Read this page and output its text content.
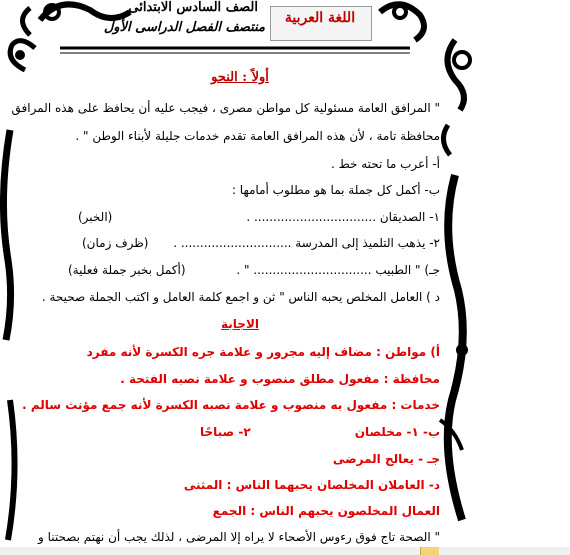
اللغة العربية
الصف السادس الابتدائى
منتصف الفصل الدراسى الأول
أولاً : النحو
" المرافق العامة مسئولية كل مواطن مصرى ، فيجب عليه أن يحافظ على هذه المرافق
محافظة تامة ، لأن هذه المرافق العامة تقدم خدمات جليلة لأبناء الوطن " .
أ- أعرب ما تحته خط .
ب- أكمل كل جملة بما هو مطلوب أمامها :
١- الصديقان ................................ .
(الخبر)
٢- يذهب التلميذ إلى المدرسة ............................. .
(ظرف زمان)
جـ) " الطبيب ............................... " .
(أكمل بخبر جملة فعلية)
د ) العامل المخلص يحبه الناس " ثن و اجمع كلمة العامل و اكتب الجملة صحيحة .
الاجابة
أ) مواطن : مضاف إليه مجرور و علامة جره الكسرة لأنه مفرد
محافظة : مفعول مطلق منصوب و علامة نصبه الفتحة .
خدمات : مفعول به منصوب و علامة نصبه الكسرة لأنه جمع مؤنث سالم .
ب- ١- مخلصان
٢- صباحًا
جـ - يعالج المرضى
د- العاملان المخلصان يحبهما الناس : المثنى
العمال المخلصون يحبهم الناس : الجمع
" الصحة تاج فوق رءوس الأصحاء لا يراه إلا المرضى ، لذلك يجب أن نهتم بصحتنا و
